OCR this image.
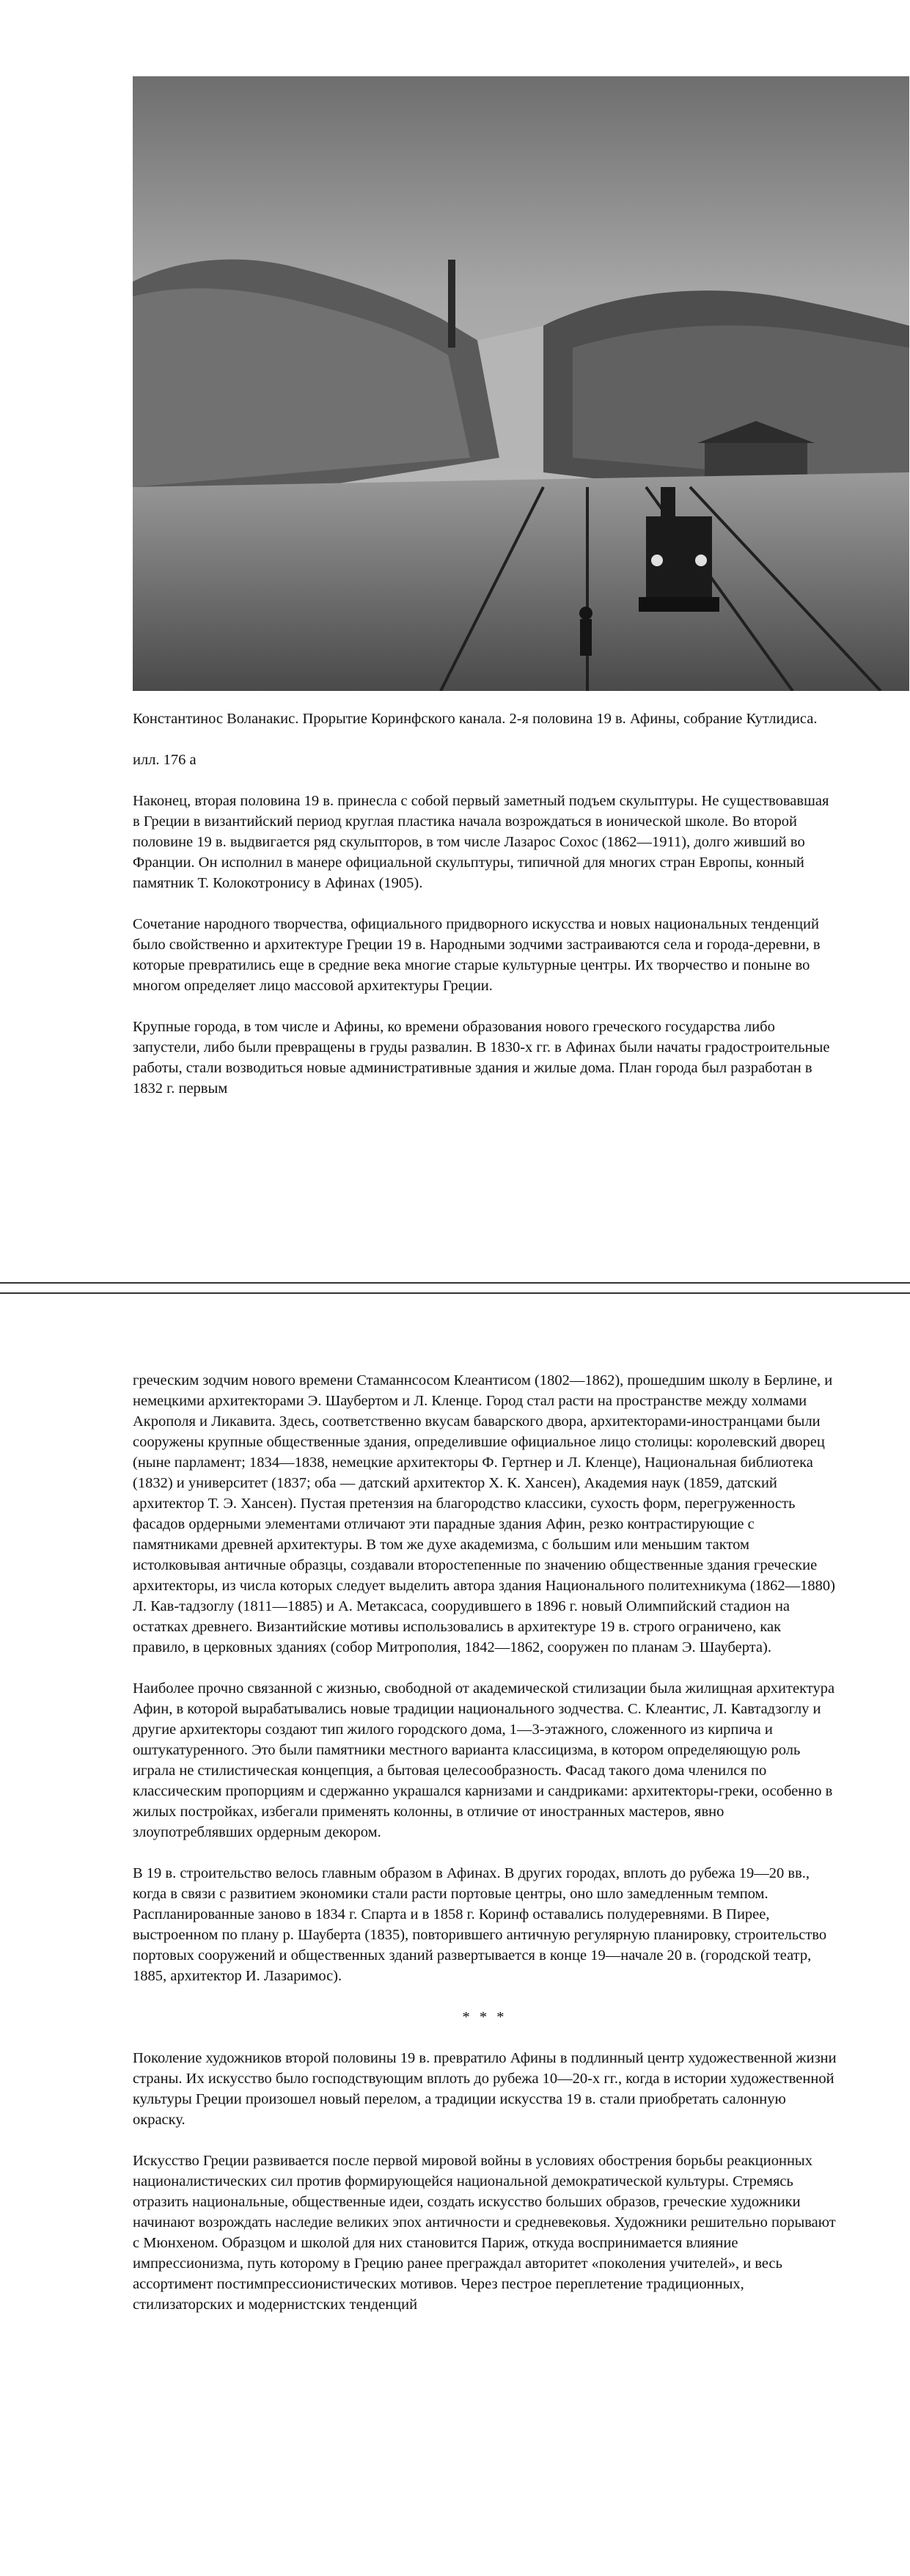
Константинос Воланакис. Прорытие Коринфского канала. 2-я половина 19 в. Афины, собрание Кутлидиса.

илл. 176 а

Наконец, вторая половина 19 в. принесла с собой первый заметный подъем скульптуры. Не существовавшая в Греции в византийский период круглая пластика начала возрождаться в ионической школе. Во второй половине 19 в. выдвигается ряд скульпторов, в том числе Лазарос Сохос (1862—1911), долго живший во Франции. Он исполнил в манере официальной скульптуры, типичной для многих стран Европы, конный памятник Т. Колокотронису в Афинах (1905).

Сочетание народного творчества, официального придворного искусства и новых национальных тенденций было свойственно и архитектуре Греции 19 в. Народными зодчими застраиваются села и города-деревни, в которые превратились еще в средние века многие старые культурные центры. Их творчество и поныне во многом определяет лицо массовой архитектуры Греции.

Крупные города, в том числе и Афины, ко времени образования нового греческого государства либо запустели, либо были превращены в груды развалин. В 1830-х гг. в Афинах были начаты градостроительные работы, стали возводиться новые административные здания и жилые дома. План города был разработан в 1832 г. первым

греческим зодчим нового времени Стаманнсосом Клеантисом (1802—1862), прошедшим школу в Берлине, и немецкими архитекторами Э. Шаубертом и Л. Кленце. Город стал расти на пространстве между холмами Акрополя и Ликавита. Здесь, соответственно вкусам баварского двора, архитекторами-иностранцами были сооружены крупные общественные здания, определившие официальное лицо столицы: королевский дворец (ныне парламент; 1834—1838, немецкие архитекторы Ф. Гертнер и Л. Кленце), Национальная библиотека (1832) и университет (1837; оба — датский архитектор Х. К. Хансен), Академия наук (1859, датский архитектор Т. Э. Хансен). Пустая претензия на благородство классики, сухость форм, перегруженность фасадов ордерными элементами отличают эти парадные здания Афин, резко контрастирующие с памятниками древней архитектуры. В том же духе академизма, с большим или меньшим тактом истолковывая античные образцы, создавали второстепенные по значению общественные здания греческие архитекторы, из числа которых следует выделить автора здания Национального политехникума (1862—1880) Л. Кав-тадзоглу (1811—1885) и А. Метаксаса, соорудившего в 1896 г. новый Олимпийский стадион на остатках древнего. Византийские мотивы использовались в архитектуре 19 в. строго ограничено, как правило, в церковных зданиях (собор Митрополия, 1842—1862, сооружен по планам Э. Шауберта).

Наиболее прочно связанной с жизнью, свободной от академической стилизации была жилищная архитектура Афин, в которой вырабатывались новые традиции национального зодчества. С. Клеантис, Л. Кавтадзоглу и другие архитекторы создают тип жилого городского дома, 1—3-этажного, сложенного из кирпича и оштукатуренного. Это были памятники местного варианта классицизма, в котором определяющую роль играла не стилистическая концепция, а бытовая целесообразность. Фасад такого дома членился по классическим пропорциям и сдержанно украшался карнизами и сандриками: архитекторы-греки, особенно в жилых постройках, избегали применять колонны, в отличие от иностранных мастеров, явно злоупотреблявших ордерным декором.

В 19 в. строительство велось главным образом в Афинах. В других городах, вплоть до рубежа 19—20 вв., когда в связи с развитием экономики стали расти портовые центры, оно шло замедленным темпом. Распланированные заново в 1834 г. Спарта и в 1858 г. Коринф оставались полудеревнями. В Пирее, выстроенном по плану р. Шауберта (1835), повторившего античную регулярную планировку, строительство портовых сооружений и общественных зданий развертывается в конце 19—начале 20 в. (городской театр, 1885, архитектор И. Лазаримос).

* * *

Поколение художников второй половины 19 в. превратило Афины в подлинный центр художественной жизни страны. Их искусство было господствующим вплоть до рубежа 10—20-х гг., когда в истории художественной культуры Греции произошел новый перелом, а традиции искусства 19 в. стали приобретать салонную окраску.

Искусство Греции развивается после первой мировой войны в условиях обострения борьбы реакционных националистических сил против формирующейся национальной демократической культуры. Стремясь отразить национальные, общественные идеи, создать искусство больших образов, греческие художники начинают возрождать наследие великих эпох античности и средневековья. Художники решительно порывают с Мюнхеном. Образцом и школой для них становится Париж, откуда воспринимается влияние импрессионизма, путь которому в Грецию ранее преграждал авторитет «поколения учителей», и весь ассортимент постимпрессионистических мотивов. Через пестрое переплетение традиционных, стилизаторских и модернистских тенденций
